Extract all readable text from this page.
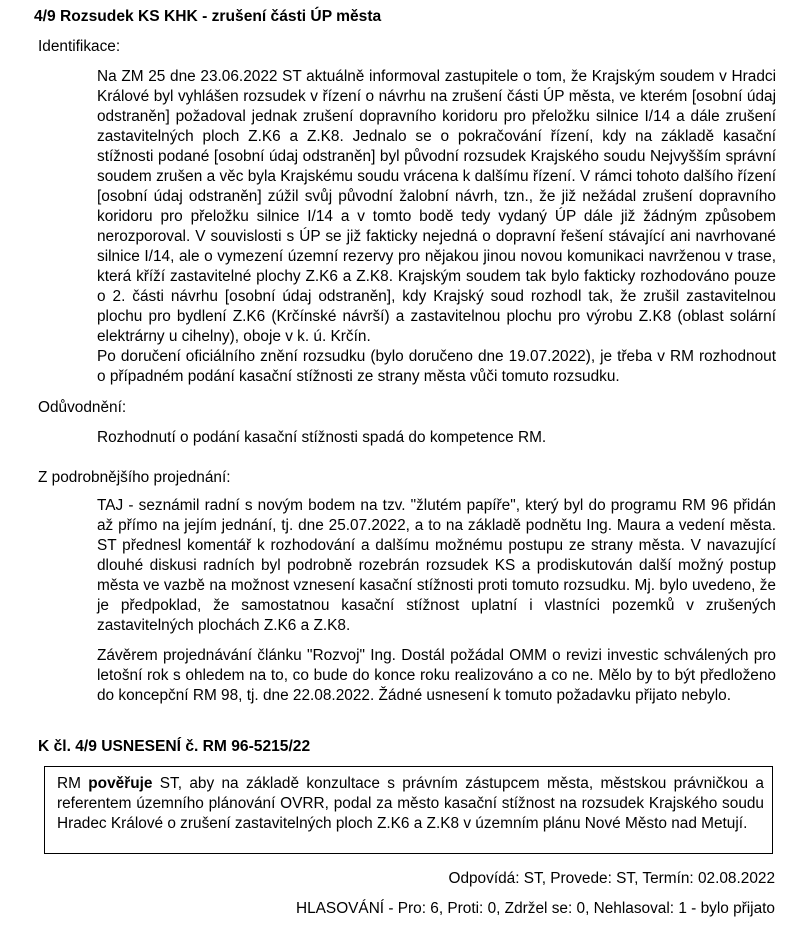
4/9 Rozsudek KS KHK - zrušení části ÚP města
Identifikace:

Na ZM 25 dne 23.06.2022 ST aktuálně informoval zastupitele o tom, že Krajským soudem v Hradci Králové byl vyhlášen rozsudek v řízení o návrhu na zrušení části ÚP města, ve kterém [osobní údaj odstraněn] požadoval jednak zrušení dopravního koridoru pro přeložku silnice I/14 a dále zrušení zastavitelných ploch Z.K6 a Z.K8. Jednalo se o pokračování řízení, kdy na základě kasační stížnosti podané [osobní údaj odstraněn] byl původní rozsudek Krajského soudu Nejvyšším správní soudem zrušen a věc byla Krajskému soudu vrácena k dalšímu řízení. V rámci tohoto dalšího řízení [osobní údaj odstraněn] zúžil svůj původní žalobní návrh, tzn., že již nežádal zrušení dopravního koridoru pro přeložku silnice I/14 a v tomto bodě tedy vydaný ÚP dále již žádným způsobem nerozporoval. V souvislosti s ÚP se již fakticky nejedná o dopravní řešení stávající ani navrhované silnice I/14, ale o vymezení územní rezervy pro nějakou jinou novou komunikaci navrženou v trase, která kříží zastavitelné plochy Z.K6 a Z.K8. Krajským soudem tak bylo fakticky rozhodováno pouze o 2. části návrhu [osobní údaj odstraněn], kdy Krajský soud rozhodl tak, že zrušil zastavitelnou plochu pro bydlení Z.K6 (Krčínské návrší) a zastavitelnou plochu pro výrobu Z.K8 (oblast solární elektrárny u cihelny), oboje v k. ú. Krčín.

Po doručení oficiálního znění rozsudku (bylo doručeno dne 19.07.2022), je třeba v RM rozhodnout o případném podání kasační stížnosti ze strany města vůči tomuto rozsudku.

Odůvodnění:
Rozhodnutí o podání kasační stížnosti spadá do kompetence RM.
Z podrobnějšího projednání:
TAJ - seznámil radní s novým bodem na tzv. "žlutém papíře", který byl do programu RM 96 přidán až přímo na jejím jednání, tj. dne 25.07.2022, a to na základě podnětu Ing. Maura a vedení města. ST přednesl komentář k rozhodování a dalšímu možnému postupu ze strany města. V navazující dlouhé diskusi radních byl podrobně rozebrán rozsudek KS a prodiskutován další možný postup města ve vazbě na možnost vznesení kasační stížnosti proti tomuto rozsudku. Mj. bylo uvedeno, že je předpoklad, že samostatnou kasační stížnost uplatní i vlastníci pozemků v zrušených zastavitelných plochách Z.K6 a Z.K8.
Závěrem projednávání článku "Rozvoj" Ing. Dostál požádal OMM o revizi investic schválených pro letošní rok s ohledem na to, co bude do konce roku realizováno a co ne. Mělo by to být předloženo do koncepční RM 98, tj. dne 22.08.2022. Žádné usnesení k tomuto požadavku přijato nebylo.
K čl. 4/9 USNESENÍ č. RM 96-5215/22
RM pověřuje ST, aby na základě konzultace s právním zástupcem města, městskou právničkou a referentem územního plánování OVRR, podal za město kasační stížnost na rozsudek Krajského soudu Hradec Králové o zrušení zastavitelných ploch Z.K6 a Z.K8 v územním plánu Nové Město nad Metují.
Odpovídá: ST, Provede: ST, Termín: 02.08.2022
HLASOVÁNÍ - Pro: 6, Proti: 0, Zdržel se: 0, Nehlasoval: 1 - bylo přijato
